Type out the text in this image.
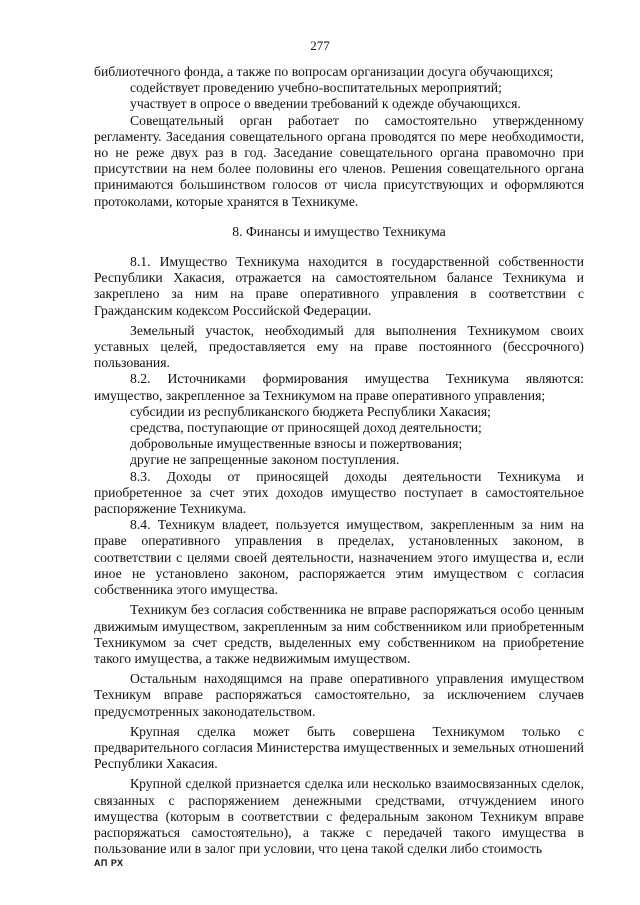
277

библиотечного фонда, а также по вопросам организации досуга обучающихся;

содействует проведению учебно-воспитательных мероприятий;

участвует в опросе о введении требований к одежде обучающихся.

Совещательный орган работает по самостоятельно утвержденному регламенту. Заседания совещательного органа проводятся по мере необходимости, но не реже двух раз в год. Заседание совещательного органа правомочно при присутствии на нем более половины его членов. Решения совещательного органа принимаются большинством голосов от числа присутствующих и оформляются протоколами, которые хранятся в Техникуме.

8. Финансы и имущество Техникума

8.1. Имущество Техникума находится в государственной собственности Республики Хакасия, отражается на самостоятельном балансе Техникума и закреплено за ним на праве оперативного управления в соответствии с Гражданским кодексом Российской Федерации.

Земельный участок, необходимый для выполнения Техникумом своих уставных целей, предоставляется ему на праве постоянного (бессрочного) пользования.

8.2. Источниками формирования имущества Техникума являются: имущество, закрепленное за Техникумом на праве оперативного управления;

субсидии из республиканского бюджета Республики Хакасия;

средства, поступающие от приносящей доход деятельности;

добровольные имущественные взносы и пожертвования;

другие не запрещенные законом поступления.

8.3. Доходы от приносящей доходы деятельности Техникума и приобретенное за счет этих доходов имущество поступает в самостоятельное распоряжение Техникума.

8.4. Техникум владеет, пользуется имуществом, закрепленным за ним на праве оперативного управления в пределах, установленных законом, в соответствии с целями своей деятельности, назначением этого имущества и, если иное не установлено законом, распоряжается этим имуществом с согласия собственника этого имущества.

Техникум без согласия собственника не вправе распоряжаться особо ценным движимым имуществом, закрепленным за ним собственником или приобретенным Техникумом за счет средств, выделенных ему собственником на приобретение такого имущества, а также недвижимым имуществом.

Остальным находящимся на праве оперативного управления имуществом Техникум вправе распоряжаться самостоятельно, за исключением случаев предусмотренных законодательством.

Крупная сделка может быть совершена Техникумом только с предварительного согласия Министерства имущественных и земельных отношений Республики Хакасия.

Крупной сделкой признается сделка или несколько взаимосвязанных сделок, связанных с распоряжением денежными средствами, отчуждением иного имущества (которым в соответствии с федеральным законом Техникум вправе распоряжаться самостоятельно), а также с передачей такого имущества в пользование или в залог при условии, что цена такой сделки либо стоимость

АП РХ
